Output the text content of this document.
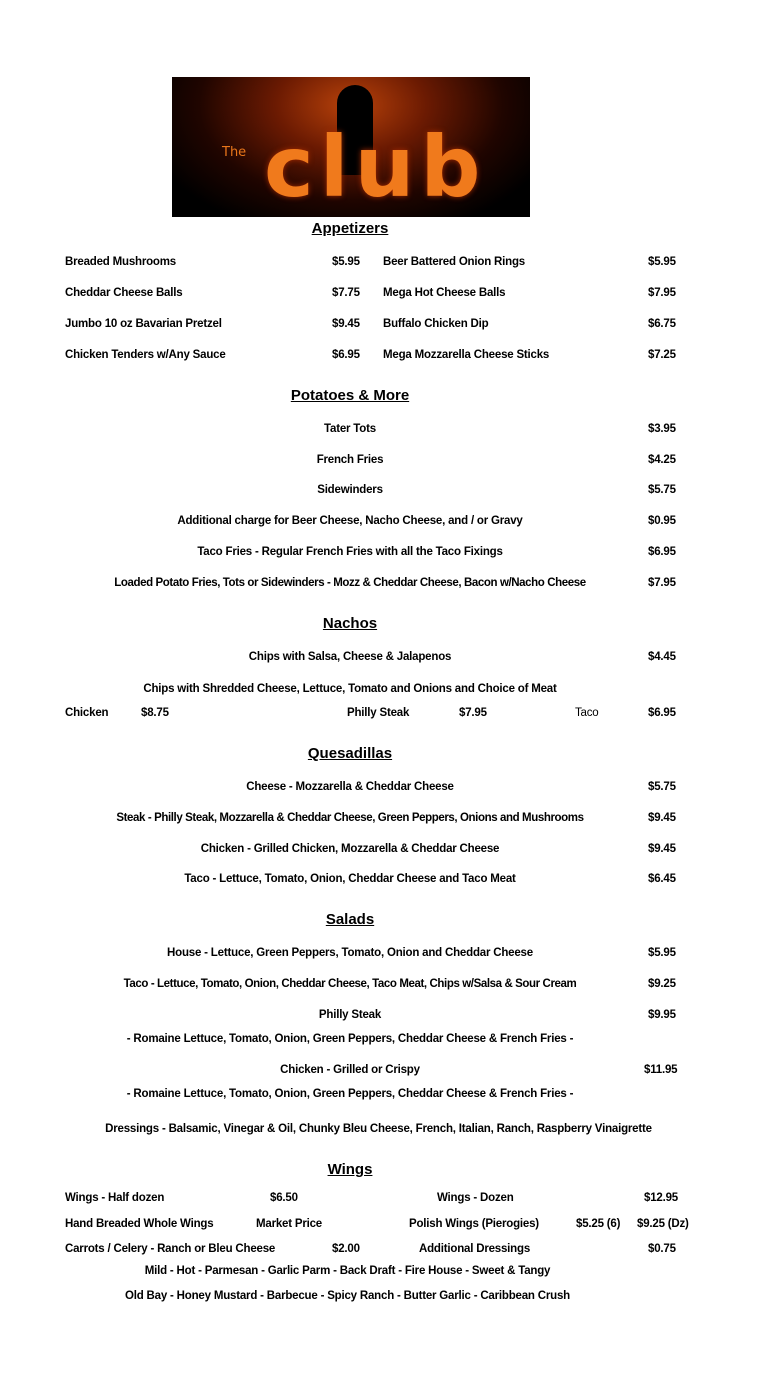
The club
Appetizers
Breaded Mushrooms	$5.95 Beer Battered Onion Rings	$5.95
Cheddar Cheese Balls	$7.75 Mega Hot Cheese Balls	$7.95
Jumbo 10 oz Bavarian Pretzel	$9.45 Buffalo Chicken Dip	$6.75
Chicken Tenders w/Any Sauce	$6.95 Mega Mozzarella Cheese Sticks	$7.25
Potatoes & More
Tater Tots	$3.95
French Fries	$4.25
Sidewinders	$5.75
Additional charge for Beer Cheese, Nacho Cheese, and / or Gravy	$0.95
Taco Fries - Regular French Fries with all the Taco Fixings	$6.95
Loaded Potato Fries, Tots or Sidewinders - Mozz & Cheddar Cheese, Bacon w/Nacho Cheese	$7.95
Nachos
Chips with Salsa, Cheese & Jalapenos	$4.45
Chips with Shredded Cheese, Lettuce, Tomato and Onions and Choice of Meat
Chicken	$8.75	Philly Steak	$7.95	Taco	$6.95
Quesadillas
Cheese - Mozzarella & Cheddar Cheese	$5.75
Steak - Philly Steak, Mozzarella & Cheddar Cheese, Green Peppers, Onions and Mushrooms	$9.45
Chicken - Grilled Chicken, Mozzarella & Cheddar Cheese	$9.45
Taco - Lettuce, Tomato, Onion, Cheddar Cheese and Taco Meat	$6.45
Salads
House - Lettuce, Green Peppers, Tomato, Onion and Cheddar Cheese	$5.95
Taco - Lettuce, Tomato, Onion, Cheddar Cheese, Taco Meat, Chips w/Salsa & Sour Cream	$9.25
Philly Steak	$9.95
- Romaine Lettuce, Tomato, Onion, Green Peppers, Cheddar Cheese & French Fries -
Chicken - Grilled or Crispy	$11.95
- Romaine Lettuce, Tomato, Onion, Green Peppers, Cheddar Cheese & French Fries -
Dressings - Balsamic, Vinegar & Oil, Chunky Bleu Cheese, French, Italian, Ranch, Raspberry Vinaigrette
Wings
Wings - Half dozen	$6.50	Wings - Dozen	$12.95
Hand Breaded Whole Wings	Market Price	Polish Wings (Pierogies)	$5.25 (6) $9.25 (Dz)
Carrots / Celery - Ranch or Bleu Cheese	$2.00	Additional Dressings	$0.75
Mild - Hot - Parmesan - Garlic Parm - Back Draft - Fire House - Sweet & Tangy
Old Bay - Honey Mustard - Barbecue - Spicy Ranch - Butter Garlic - Caribbean Crush
